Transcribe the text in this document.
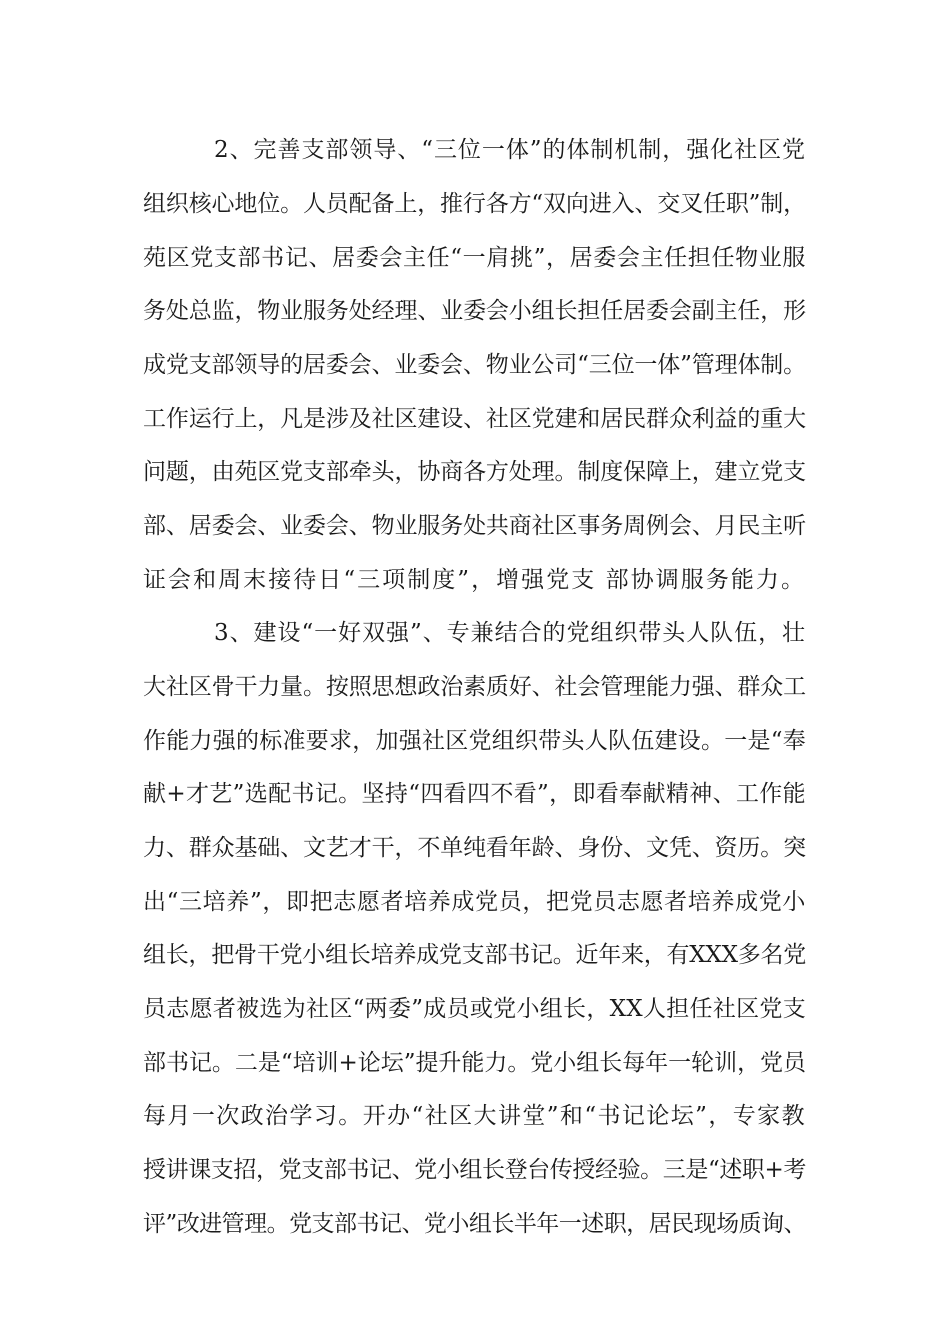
2、完善支部领导、“三位一体”的体制机制，强化社区党
组织核心地位。人员配备上，推行各方“双向进入、交叉任职”制，
苑区党支部书记、居委会主任“一肩挑”，居委会主任担任物业服
务处总监，物业服务处经理、业委会小组长担任居委会副主任，形
成党支部领导的居委会、业委会、物业公司“三位一体”管理体制。
工作运行上，凡是涉及社区建设、社区党建和居民群众利益的重大
问题，由苑区党支部牵头，协商各方处理。制度保障上，建立党支
部、居委会、业委会、物业服务处共商社区事务周例会、月民主听
证会和周末接待日“三项制度”，增强党支 部协调服务能力。
3、建设“一好双强”、专兼结合的党组织带头人队伍，壮
大社区骨干力量。按照思想政治素质好、社会管理能力强、群众工
作能力强的标准要求，加强社区党组织带头人队伍建设。一是“奉
献+才艺”选配书记。坚持“四看四不看”，即看奉献精神、工作能
力、群众基础、文艺才干，不单纯看年龄、身份、文凭、资历。突
出“三培养”，即把志愿者培养成党员，把党员志愿者培养成党小
组长，把骨干党小组长培养成党支部书记。近年来，有XXX多名党
员志愿者被选为社区“两委”成员或党小组长，XX人担任社区党支
部书记。二是“培训+论坛”提升能力。党小组长每年一轮训，党员
每月一次政治学习。开办“社区大讲堂”和“书记论坛”，专家教
授讲课支招，党支部书记、党小组长登台传授经验。三是“述职+考
评”改进管理。党支部书记、党小组长半年一述职，居民现场质询、
